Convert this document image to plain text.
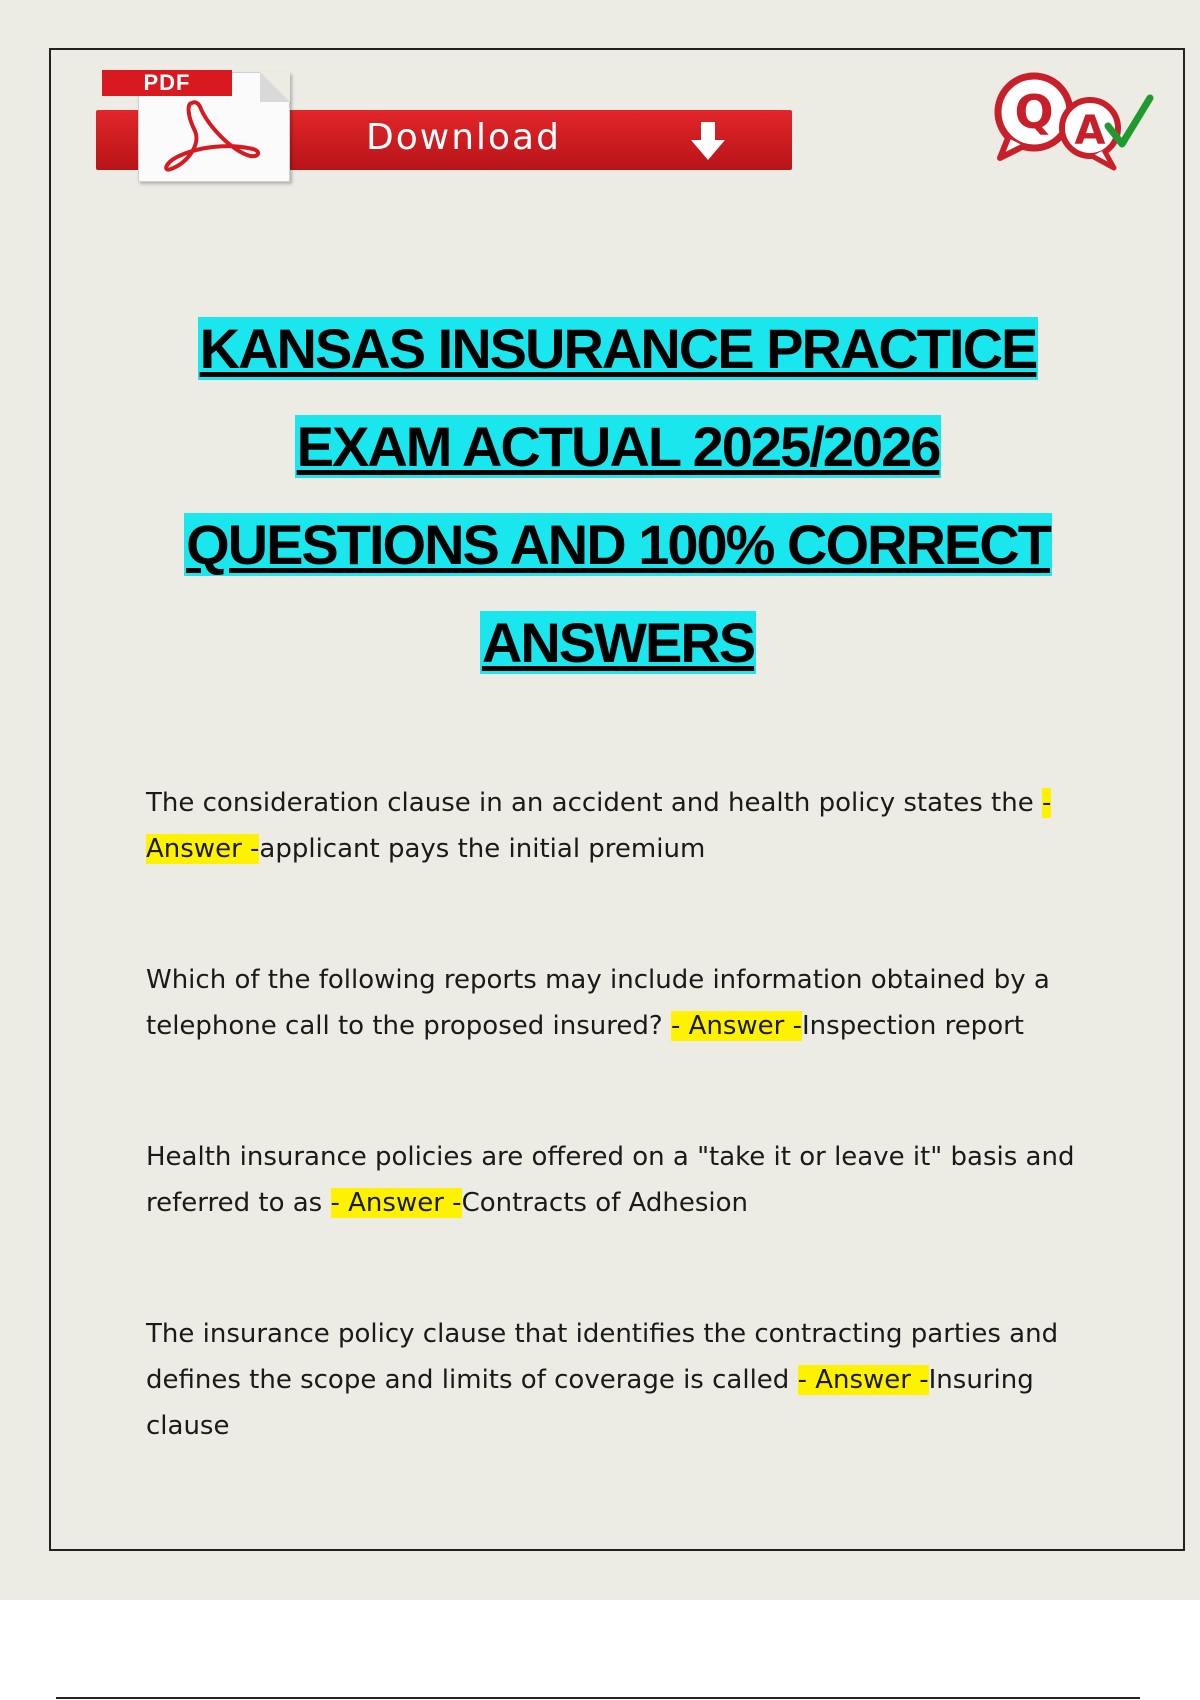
Download
PDF
Q A
KANSAS INSURANCE PRACTICE
EXAM ACTUAL 2025/2026
QUESTIONS AND 100% CORRECT
ANSWERS
The consideration clause in an accident and health policy states the - Answer -applicant pays the initial premium
Which of the following reports may include information obtained by a telephone call to the proposed insured? - Answer -Inspection report
Health insurance policies are offered on a "take it or leave it" basis and referred to as - Answer -Contracts of Adhesion
The insurance policy clause that identifies the contracting parties and defines the scope and limits of coverage is called - Answer -Insuring clause
